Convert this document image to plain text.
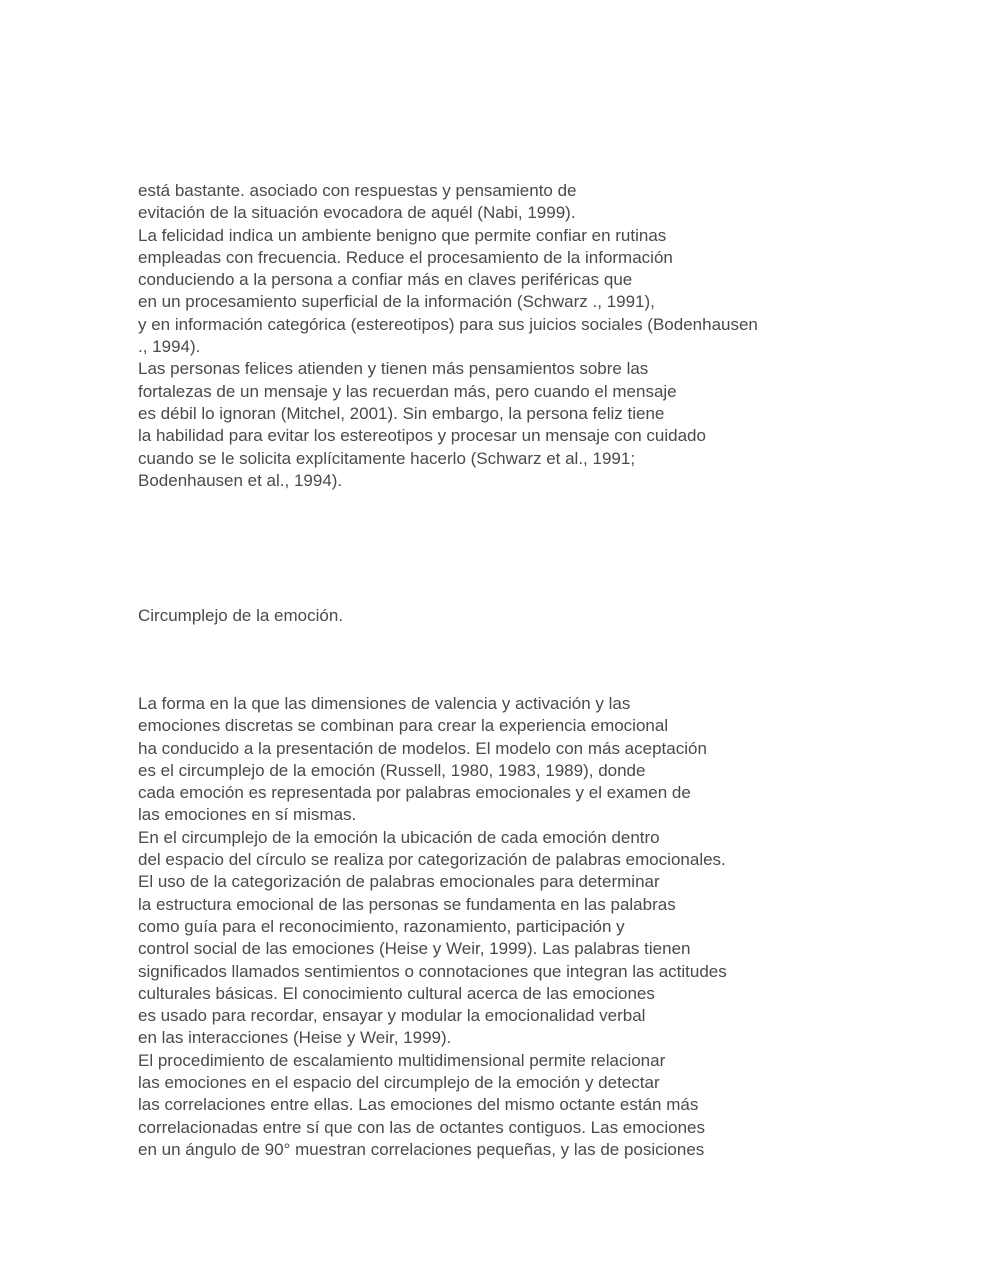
está bastante. asociado con respuestas y pensamiento de
evitación de la situación evocadora de aquél (Nabi, 1999).
La felicidad indica un ambiente benigno que permite confiar en rutinas
empleadas con frecuencia. Reduce el procesamiento de la información
conduciendo a la persona a confiar más en claves periféricas que
en un procesamiento superficial de la información (Schwarz ., 1991),
y en información categórica (estereotipos) para sus juicios sociales (Bodenhausen
., 1994).
Las personas felices atienden y tienen más pensamientos sobre las
fortalezas de un mensaje y las recuerdan más, pero cuando el mensaje
es débil lo ignoran (Mitchel, 2001). Sin embargo, la persona feliz tiene
la habilidad para evitar los estereotipos y procesar un mensaje con cuidado
cuando se le solicita explícitamente hacerlo (Schwarz et al., 1991;
Bodenhausen et al., 1994).
Circumplejo de la emoción.
La forma en la que las dimensiones de valencia y activación y las
emociones discretas se combinan para crear la experiencia emocional
ha conducido a la presentación de modelos. El modelo con más aceptación
es el circumplejo de la emoción (Russell, 1980, 1983, 1989), donde
cada emoción es representada por palabras emocionales y el examen de
las emociones en sí mismas.
En el circumplejo de la emoción la ubicación de cada emoción dentro
del espacio del círculo se realiza por categorización de palabras emocionales.
El uso de la categorización de palabras emocionales para determinar
la estructura emocional de las personas se fundamenta en las palabras
como guía para el reconocimiento, razonamiento, participación y
control social de las emociones (Heise y Weir, 1999). Las palabras tienen
significados llamados sentimientos o connotaciones que integran las actitudes
culturales básicas. El conocimiento cultural acerca de las emociones
es usado para recordar, ensayar y modular la emocionalidad verbal
en las interacciones (Heise y Weir, 1999).
El procedimiento de escalamiento multidimensional permite relacionar
las emociones en el espacio del circumplejo de la emoción y detectar
las correlaciones entre ellas. Las emociones del mismo octante están más
correlacionadas entre sí que con las de octantes contiguos. Las emociones
en un ángulo de 90° muestran correlaciones pequeñas, y las de posiciones
